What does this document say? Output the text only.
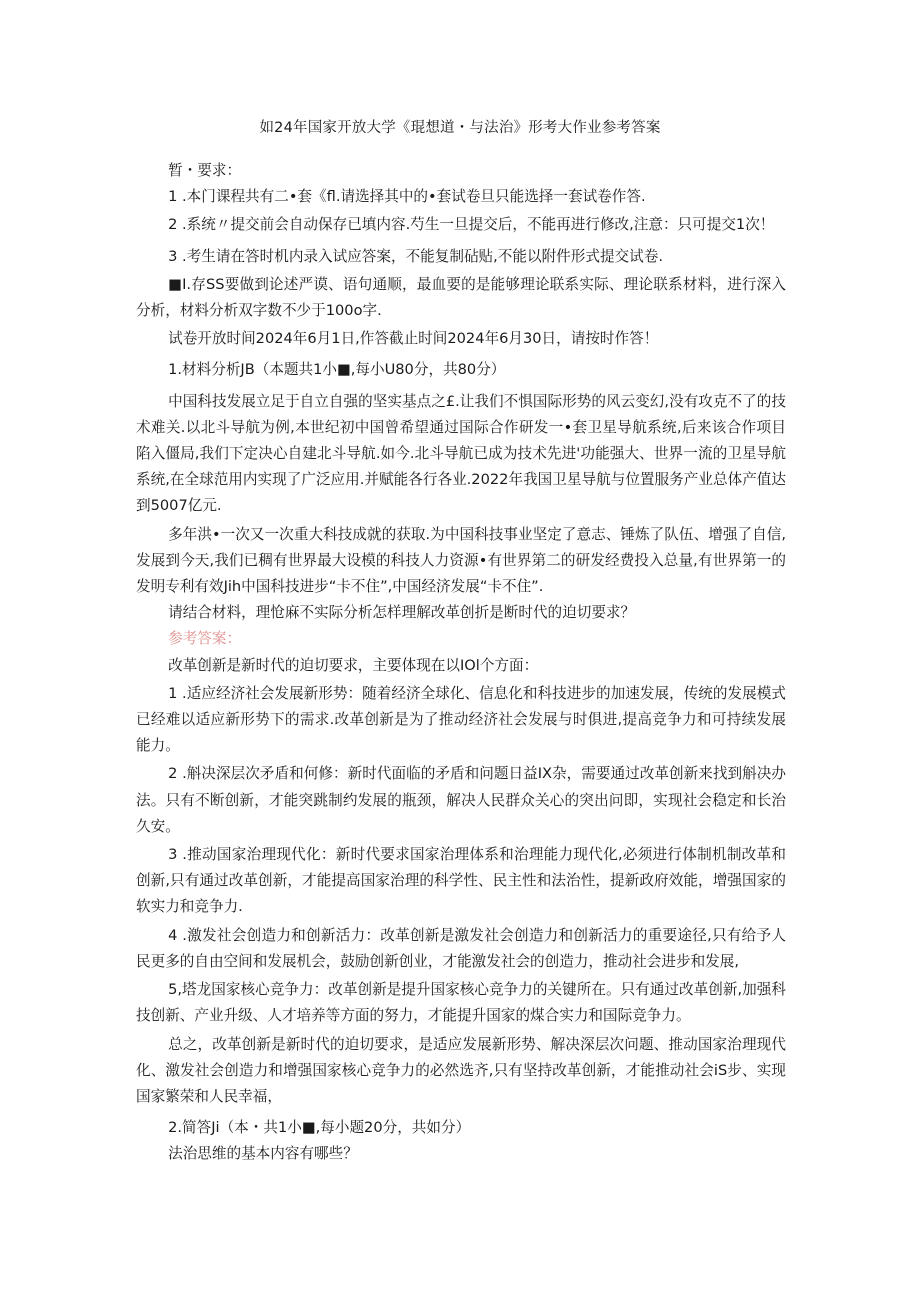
如24年国家开放大学《琨想道・与法治》形考大作业参考答案

暂・要求：

1 .本门课程共有二•套《fl.请选择其中的•套试卷旦只能选择一套试卷作答.

2 .系统〃提交前会自动保存已填内容.芍生一旦提交后，不能再进行修改,注意：只可提交1次！

3 .考生请在答时机内录入试应答案，不能复制砧贴,不能以附件形式提交试卷.

■I.存SS要做到论述严谟、语句通顺，最血要的是能够理论联系实际、理论联系材料，进行深入分析，材料分析双字数不少于100o字.

试卷开放时间2024年6月1日,作答截止时间2024年6月30日，请按时作答！

1.材料分析JB（本题共1小■,每小U80分，共80分）

中国科技发展立足于自立自强的坚实基点之£.让我们不惧国际形势的风云变幻,没有攻克不了的技术难关.以北斗导航为例,本世纪初中国曾希望通过国际合作研发一•套卫星导航系统,后来该合作项目陷入僵局,我们下定决心自建北斗导航.如今.北斗导航已成为技术先进'功能强大、世界一流的卫星导航系统,在全球范用内实现了广泛应用.并赋能各行各业.2022年我国卫星导航与位置服务产业总体产值达到5007亿元.

多年洪•一次又一次重大科技成就的获取.为中国科技事业坚定了意志、锤炼了队伍、增强了自信,发展到今天,我们已稠有世界最大设模的科技人力资源•有世界第二的研发经费投入总量,有世界第一的发明专利有效Jih中国科技进步“卡不住”,中国经济发展“卡不住”.

请结合材料，理怆麻不实际分析怎样理解改革创折是断时代的迫切要求？

参考答案：

改革创新是新时代的迫切要求，主要体现在以IOl个方面：

1 .适应经济社会发展新形势：随着经济全球化、信息化和科技进步的加速发展，传统的发展模式已经难以适应新形势下的需求.改革创新是为了推动经济社会发展与时俱进,提高竞争力和可持续发展能力。

2 .斛决深层次矛盾和何修：新时代面临的矛盾和问题日益IX杂，需要通过改革创新来找到斛决办法。只有不断创新，才能突跳制约发展的瓶颈，解决人民群众关心的突出问即，实现社会稳定和长治久安。

3 .推动国家治理现代化：新时代要求国家治理体系和治理能力现代化,必须进行体制机制改革和创新,只有通过改革创新，才能提高国家治理的科学性、民主性和法治性，提新政府效能，增强国家的软实力和竞争力.

4 .激发社会创造力和创新活力：改革创新是激发社会创造力和创新活力的重要途径,只有给予人民更多的自由空间和发展机会，鼓励创新创业，才能激发社会的创造力，推动社会进步和发展,

5,塔龙国家核心竞争力：改革创新是提升国家核心竞争力的关键所在。只有通过改革创新,加强科技创新、产业升级、人才培养等方面的努力，才能提升国家的煤合实力和国际竞争力。

总之，改革创新是新时代的迫切要求，是适应发展新形势、解决深层次问题、推动国家治理现代化、激发社会创造力和增强国家核心竞争力的必然选齐,只有坚持改革创新，才能推动社会iS步、实现国家繁荣和人民幸福，

2.简答Ji（本・共1小■,每小题20分，共如分）

法治思维的基本内容有哪些？
